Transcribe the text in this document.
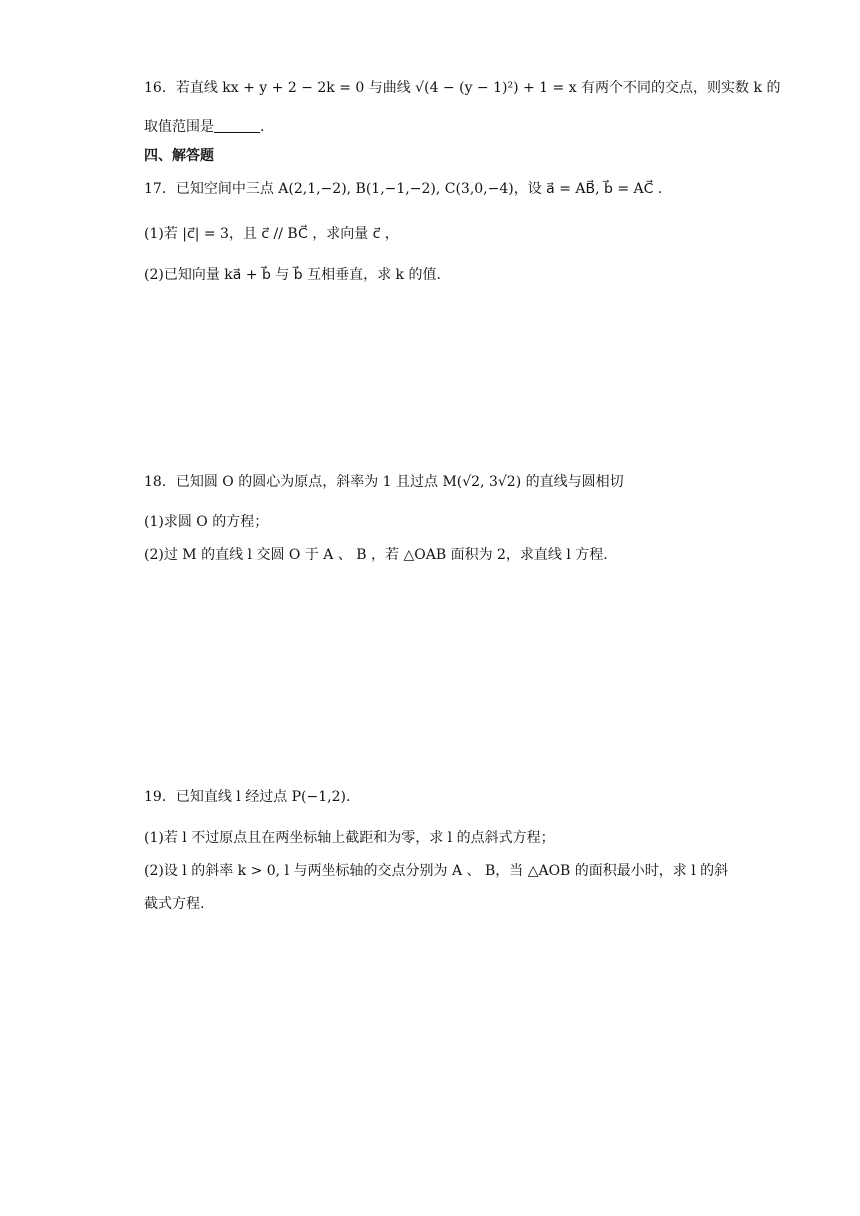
16．若直线 kx + y + 2 − 2k = 0 与曲线 √(4 − (y − 1)²) + 1 = x 有两个不同的交点，则实数 k 的
取值范围是	.
四、解答题
17．已知空间中三点 A(2,1,−2), B(1,−1,−2), C(3,0,−4)，设 a⃗ = AB⃗, b⃗ = AC⃗ .
(1)若 |c⃗| = 3，且 c⃗ // BC⃗ ，求向量 c⃗ ，
(2)已知向量 ka⃗ + b⃗ 与 b⃗ 互相垂直，求 k 的值.
18．已知圆 O 的圆心为原点，斜率为 1 且过点 M(√2, 3√2) 的直线与圆相切
(1)求圆 O 的方程；
(2)过 M 的直线 l 交圆 O 于 A 、 B ，若 △OAB 面积为 2，求直线 l 方程.
19．已知直线 l 经过点 P(−1,2).
(1)若 l 不过原点且在两坐标轴上截距和为零，求 l 的点斜式方程；
(2)设 l 的斜率 k > 0, l 与两坐标轴的交点分别为 A 、 B，当 △AOB 的面积最小时，求 l 的斜
截式方程.
